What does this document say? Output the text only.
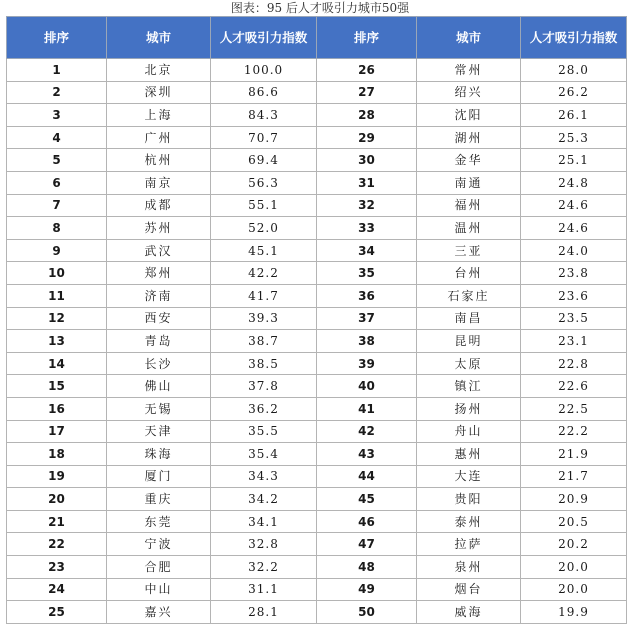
图表：95 后人才吸引力城市50强
排序	城市	人才吸引力指数	排序	城市	人才吸引力指数
1	北京	100.0	26	常州	28.0
2	深圳	86.6	27	绍兴	26.2
3	上海	84.3	28	沈阳	26.1
4	广州	70.7	29	湖州	25.3
5	杭州	69.4	30	金华	25.1
6	南京	56.3	31	南通	24.8
7	成都	55.1	32	福州	24.6
8	苏州	52.0	33	温州	24.6
9	武汉	45.1	34	三亚	24.0
10	郑州	42.2	35	台州	23.8
11	济南	41.7	36	石家庄	23.6
12	西安	39.3	37	南昌	23.5
13	青岛	38.7	38	昆明	23.1
14	长沙	38.5	39	太原	22.8
15	佛山	37.8	40	镇江	22.6
16	无锡	36.2	41	扬州	22.5
17	天津	35.5	42	舟山	22.2
18	珠海	35.4	43	惠州	21.9
19	厦门	34.3	44	大连	21.7
20	重庆	34.2	45	贵阳	20.9
21	东莞	34.1	46	泰州	20.5
22	宁波	32.8	47	拉萨	20.2
23	合肥	32.2	48	泉州	20.0
24	中山	31.1	49	烟台	20.0
25	嘉兴	28.1	50	威海	19.9
